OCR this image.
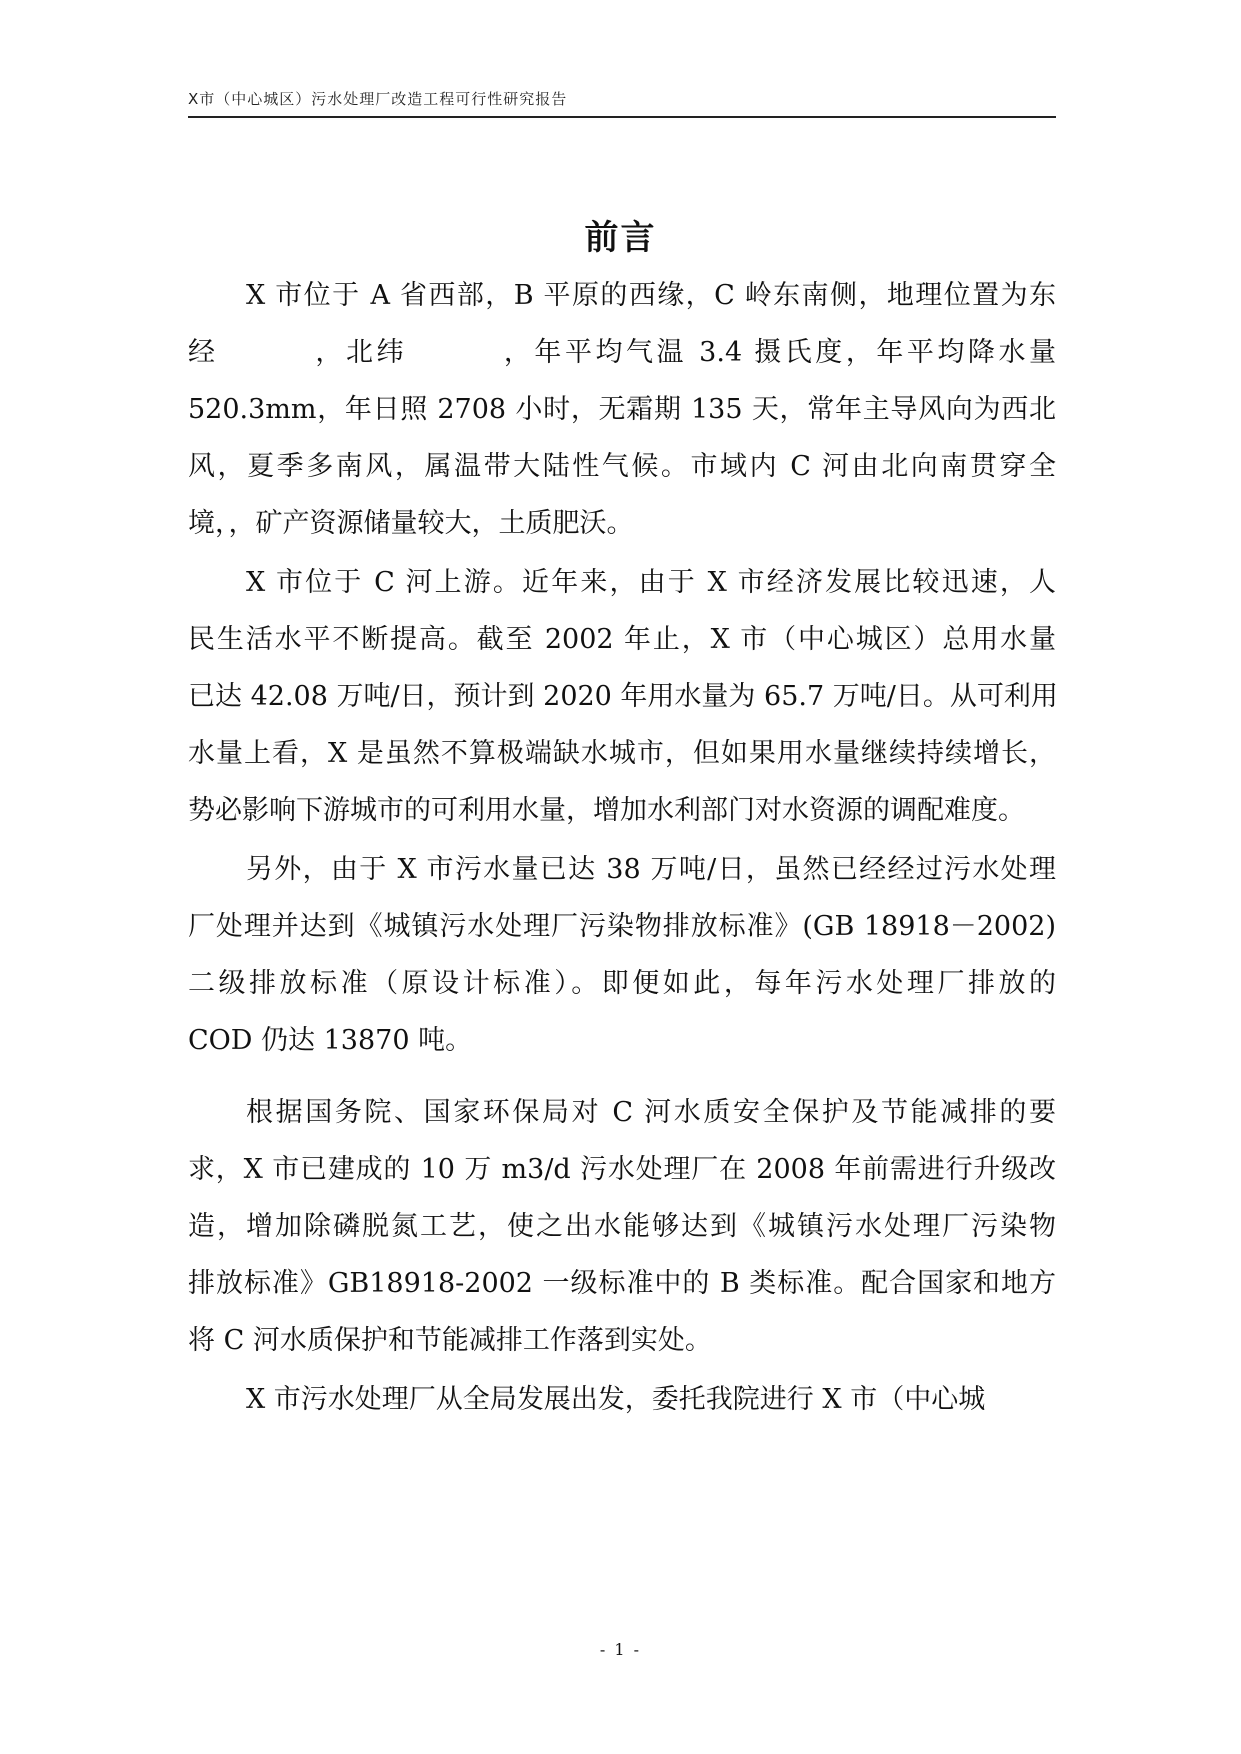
X市（中心城区）污水处理厂改造工程可行性研究报告
前言
X 市位于 A 省西部，B 平原的西缘，C 岭东南侧，地理位置为东
经        ，北纬        ，年平均气温 3.4 摄氏度，年平均降水量
520.3mm，年日照 2708 小时，无霜期 135 天，常年主导风向为西北
风，夏季多南风，属温带大陆性气候。市域内 C 河由北向南贯穿全
境，，矿产资源储量较大，土质肥沃。
X 市位于 C 河上游。近年来，由于 X 市经济发展比较迅速，人
民生活水平不断提高。截至 2002 年止，X 市（中心城区）总用水量
已达 42.08 万吨/日，预计到 2020 年用水量为 65.7 万吨/日。从可利用
水量上看，X 是虽然不算极端缺水城市，但如果用水量继续持续增长，
势必影响下游城市的可利用水量，增加水利部门对水资源的调配难度。
另外，由于 X 市污水量已达 38 万吨/日，虽然已经经过污水处理
厂处理并达到《城镇污水处理厂污染物排放标准》(GB 18918－2002)
二级排放标准（原设计标准）。即便如此，每年污水处理厂排放的
COD 仍达 13870 吨。
根据国务院、国家环保局对 C 河水质安全保护及节能减排的要
求，X 市已建成的 10 万 m3/d 污水处理厂在 2008 年前需进行升级改
造，增加除磷脱氮工艺，使之出水能够达到《城镇污水处理厂污染物
排放标准》GB18918-2002 一级标准中的 B 类标准。配合国家和地方
将 C 河水质保护和节能减排工作落到实处。
X 市污水处理厂从全局发展出发，委托我院进行 X 市（中心城
- 1 -
